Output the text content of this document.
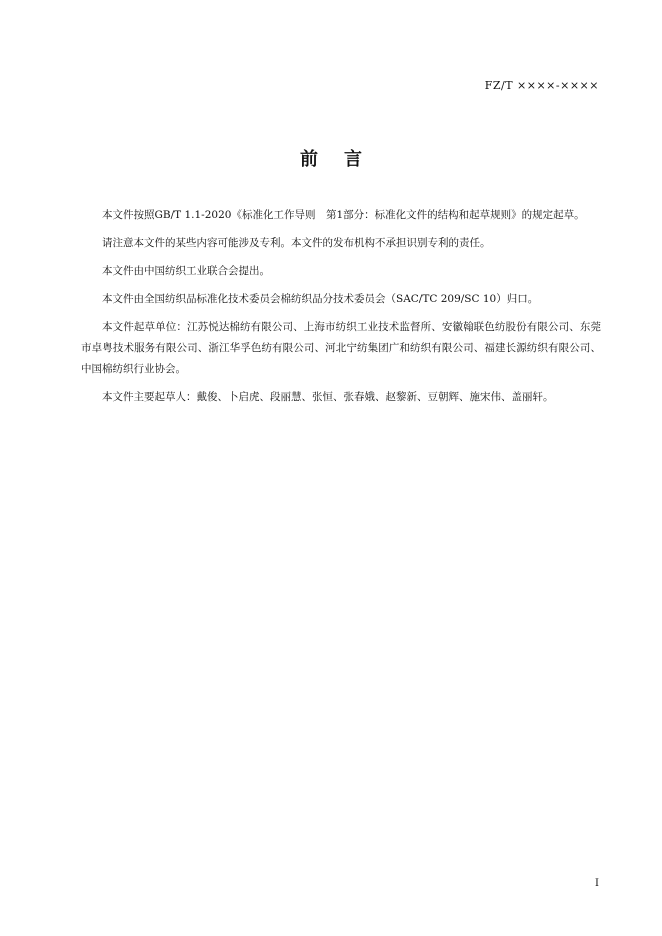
FZ/T ××××-××××
前言

本文件按照GB/T 1.1-2020《标准化工作导则　第1部分：标准化文件的结构和起草规则》的规定起草。

请注意本文件的某些内容可能涉及专利。本文件的发布机构不承担识别专利的责任。

本文件由中国纺织工业联合会提出。

本文件由全国纺织品标准化技术委员会棉纺织品分技术委员会（SAC/TC 209/SC 10）归口。

本文件起草单位：江苏悦达棉纺有限公司、上海市纺织工业技术监督所、安徽翰联色纺股份有限公司、东莞市卓粤技术服务有限公司、浙江华孚色纺有限公司、河北宁纺集团广和纺织有限公司、福建长源纺织有限公司、中国棉纺织行业协会。

本文件主要起草人：戴俊、卜启虎、段丽慧、张恒、张春娥、赵黎新、豆朝辉、施宋伟、盖丽轩。

I
